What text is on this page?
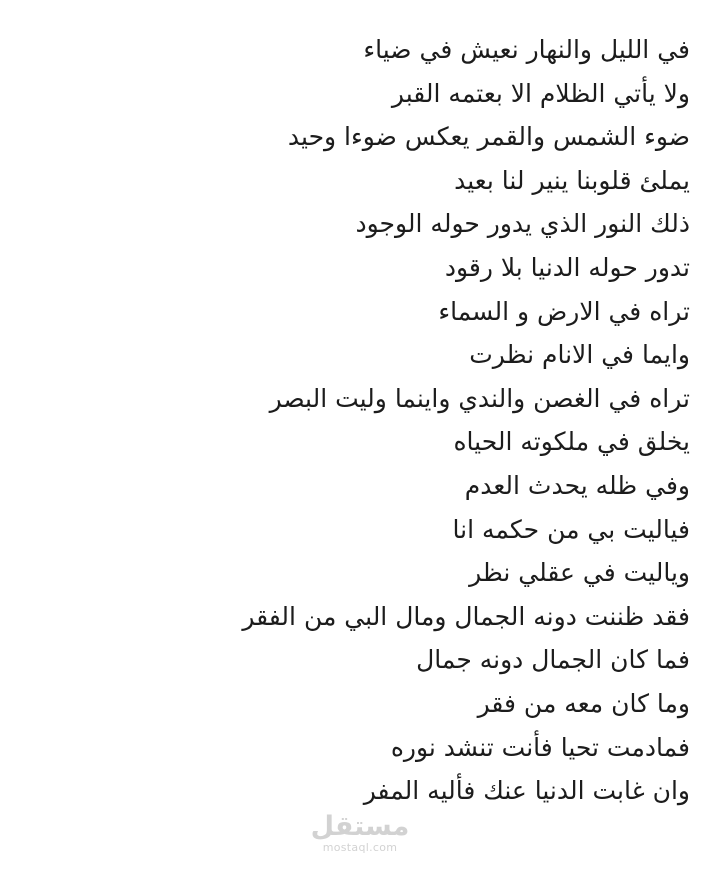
في الليل والنهار نعيش في ضياء
ولا يأتي الظلام الا بعتمه القبر
ضوء الشمس والقمر يعكس ضوءا وحيد
يملئ قلوبنا ينير لنا بعيد
ذلك النور الذي يدور حوله الوجود
تدور حوله الدنيا بلا رقود
تراه في الارض و السماء
وايما في الانام نظرت
تراه في الغصن والندي واينما وليت البصر
يخلق في ملكوته الحياه
وفي ظله يحدث العدم
فياليت بي من حكمه انا
وياليت في عقلي نظر
فقد ظننت دونه الجمال ومال البي من الفقر
فما كان الجمال دونه جمال
وما كان معه من فقر
فمادمت تحيا فأنت تنشد نوره
وان غابت الدنيا عنك فأليه المفر
مستقل
mostaql.com
